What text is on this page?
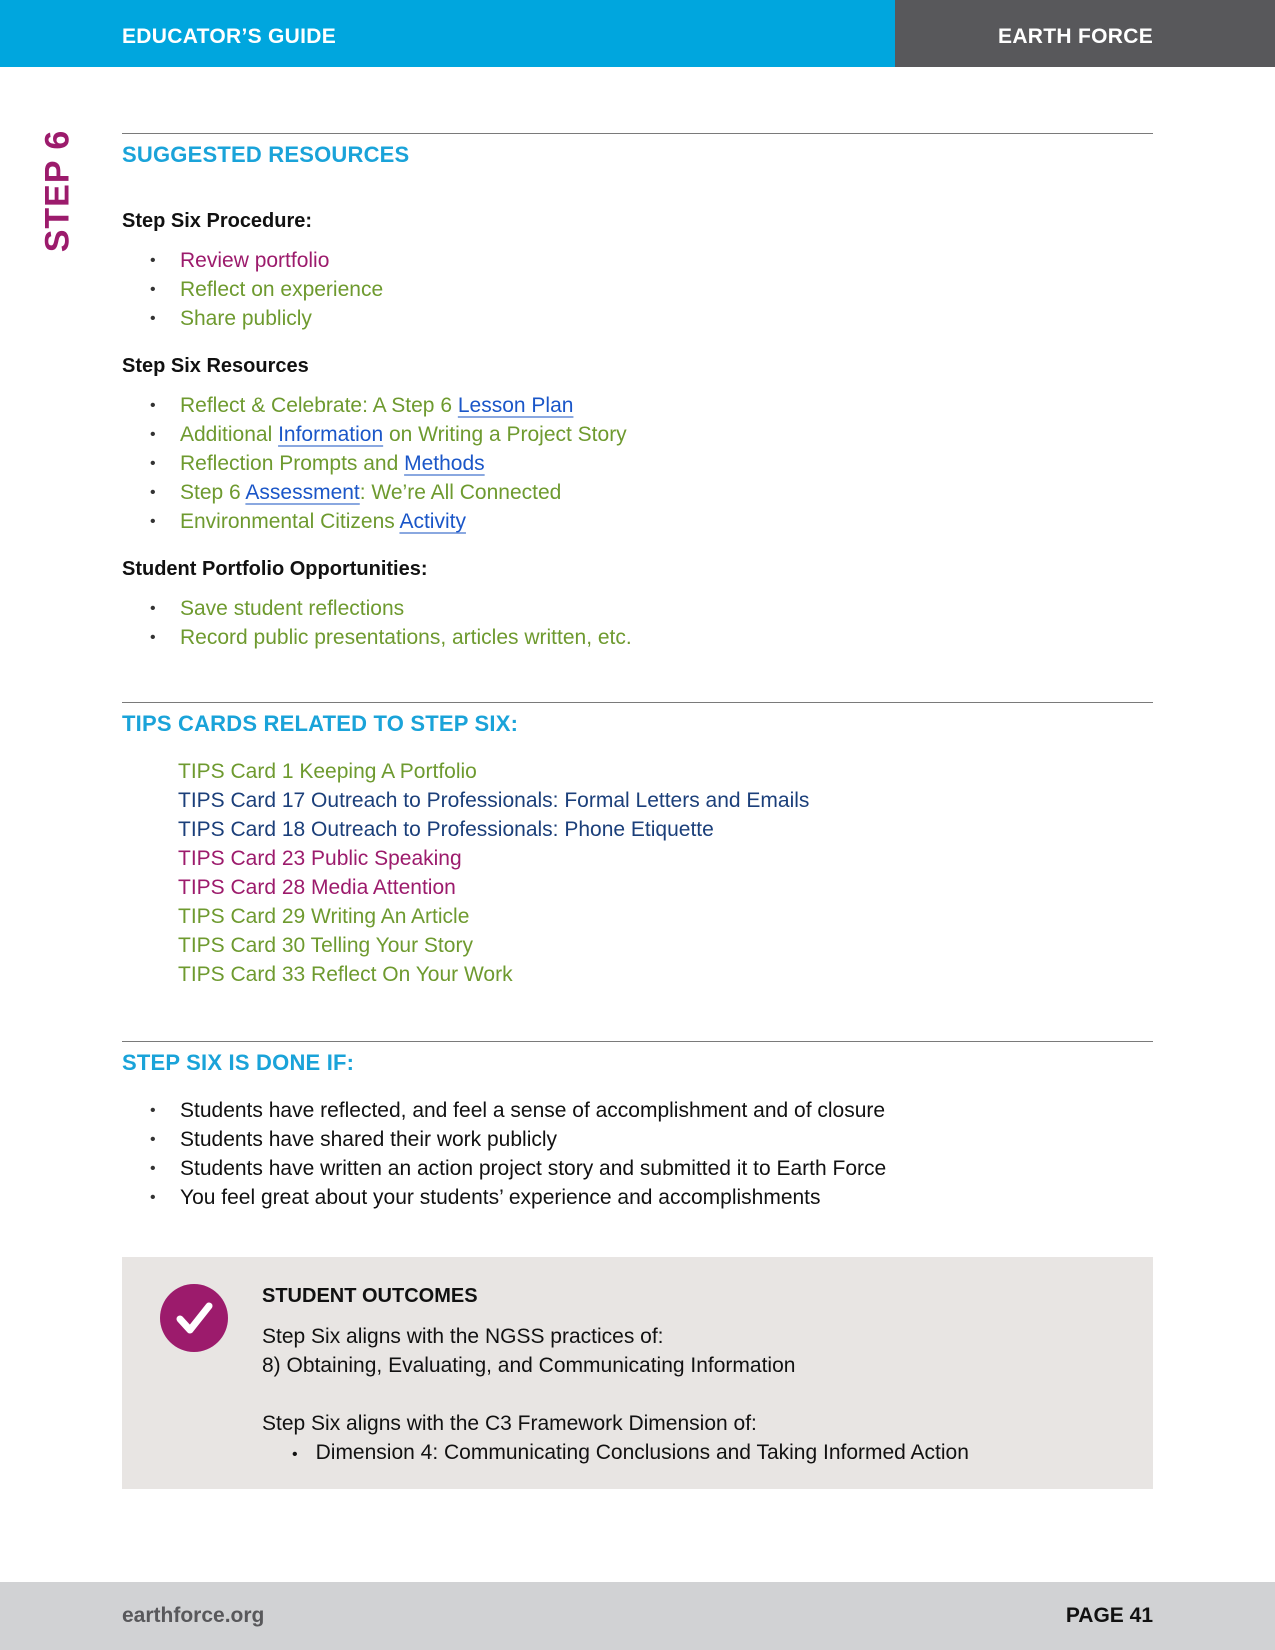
EDUCATOR’S GUIDE	EARTH FORCE
STEP 6 SUGGESTED RESOURCES
Step Six Procedure:
• Review portfolio
• Reflect on experience
• Share publicly
Step Six Resources
• Reflect & Celebrate: A Step 6 Lesson Plan
• Additional Information on Writing a Project Story
• Reflection Prompts and Methods
• Step 6 Assessment: We’re All Connected
• Environmental Citizens Activity
Student Portfolio Opportunities:
• Save student reflections
• Record public presentations, articles written, etc.
TIPS CARDS RELATED TO STEP SIX:
TIPS Card 1 Keeping A Portfolio
TIPS Card 17 Outreach to Professionals: Formal Letters and Emails
TIPS Card 18 Outreach to Professionals: Phone Etiquette
TIPS Card 23 Public Speaking
TIPS Card 28 Media Attention
TIPS Card 29 Writing An Article
TIPS Card 30 Telling Your Story
TIPS Card 33 Reflect On Your Work
STEP SIX IS DONE IF:
• Students have reflected, and feel a sense of accomplishment and of closure
• Students have shared their work publicly
• Students have written an action project story and submitted it to Earth Force
• You feel great about your students’ experience and accomplishments
STUDENT OUTCOMES
Step Six aligns with the NGSS practices of:
8) Obtaining, Evaluating, and Communicating Information
Step Six aligns with the C3 Framework Dimension of:
• Dimension 4: Communicating Conclusions and Taking Informed Action
earthforce.org	PAGE 41
